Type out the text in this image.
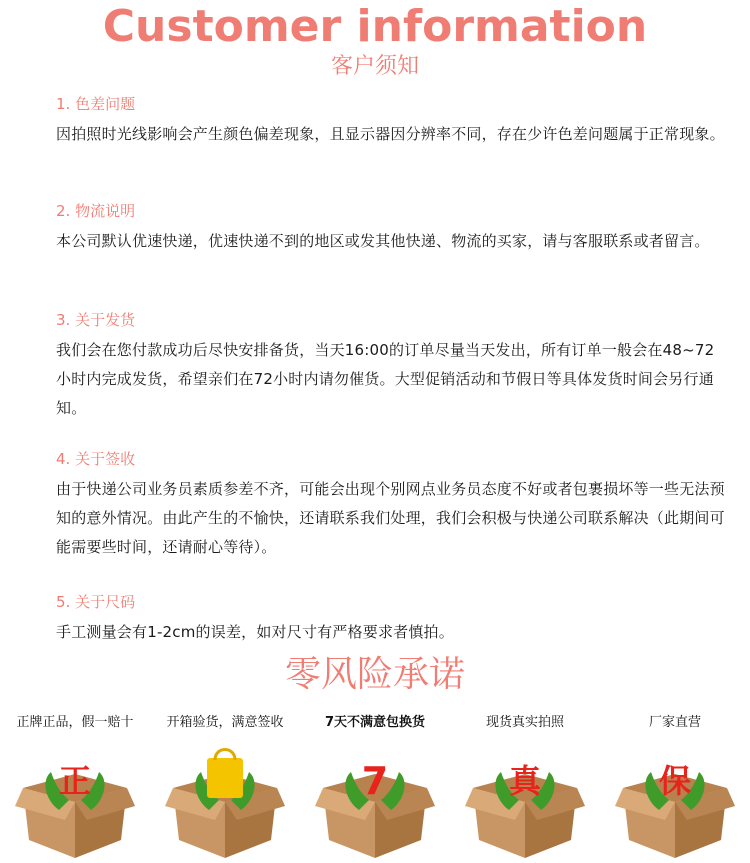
Customer information
客户须知

1. 色差问题

因拍照时光线影响会产生颜色偏差现象，且显示器因分辨率不同，存在少许色差问题属于正常现象。

2. 物流说明

本公司默认优速快递，优速快递不到的地区或发其他快递、物流的买家，请与客服联系或者留言。

3. 关于发货

我们会在您付款成功后尽快安排备货，当天16:00的订单尽量当天发出，所有订单一般会在48~72小时内完成发货，希望亲们在72小时内请勿催货。大型促销活动和节假日等具体发货时间会另行通知。

4. 关于签收

由于快递公司业务员素质参差不齐，可能会出现个别网点业务员态度不好或者包裹损坏等一些无法预知的意外情况。由此产生的不愉快，还请联系我们处理，我们会积极与快递公司联系解决（此期间可能需要些时间，还请耐心等待）。

5. 关于尺码

手工测量会有1-2cm的误差，如对尺寸有严格要求者慎拍。

零风险承诺
正牌正品，假一赔十
正
开箱验货，满意签收	7天不满意包换货
7
现货真实拍照
真
厂家直营
保
